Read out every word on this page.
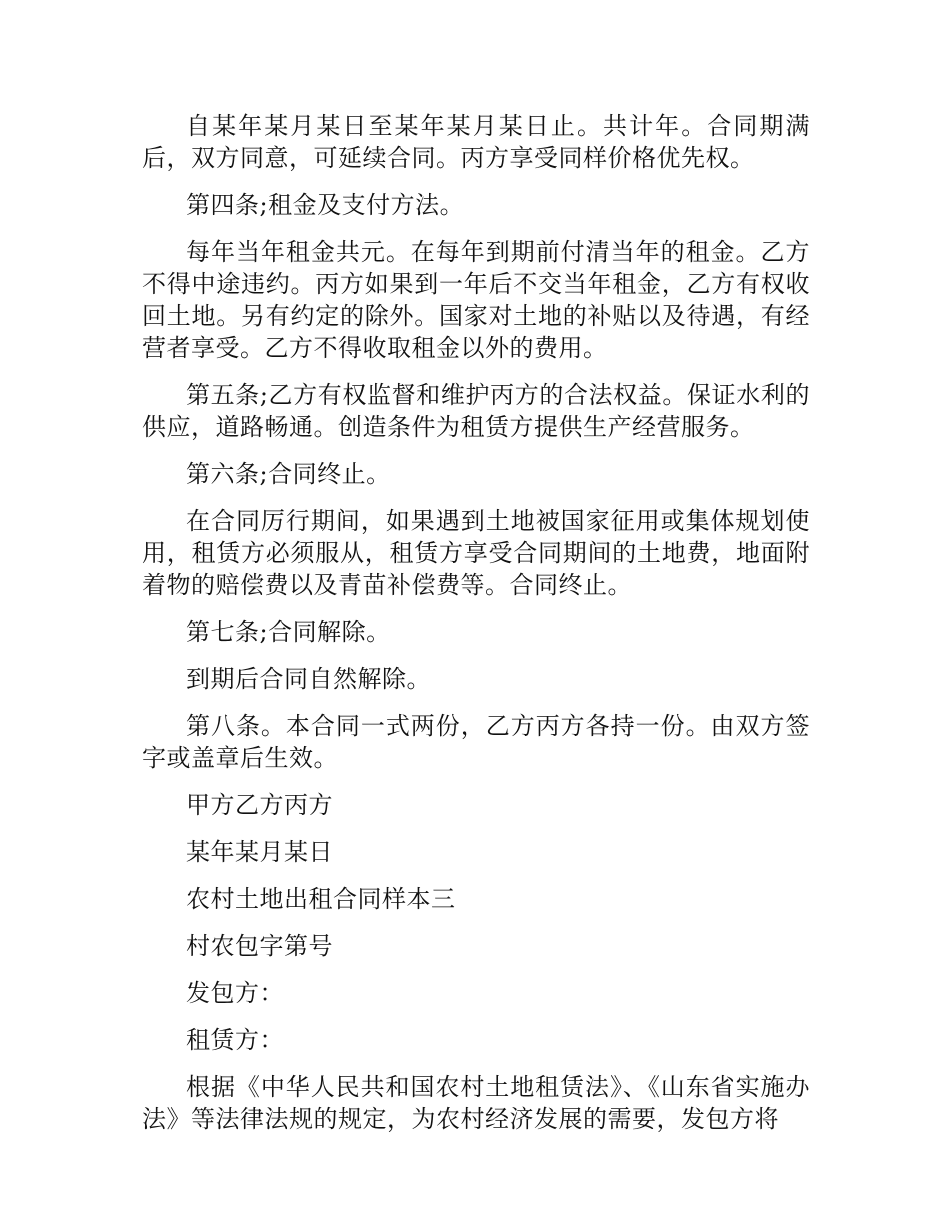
自某年某月某日至某年某月某日止。共计年。合同期满后，双方同意，可延续合同。丙方享受同样价格优先权。

第四条;租金及支付方法。

每年当年租金共元。在每年到期前付清当年的租金。乙方不得中途违约。丙方如果到一年后不交当年租金，乙方有权收回土地。另有约定的除外。国家对土地的补贴以及待遇，有经营者享受。乙方不得收取租金以外的费用。

第五条;乙方有权监督和维护丙方的合法权益。保证水利的供应，道路畅通。创造条件为租赁方提供生产经营服务。

第六条;合同终止。

在合同厉行期间，如果遇到土地被国家征用或集体规划使用，租赁方必须服从，租赁方享受合同期间的土地费，地面附着物的赔偿费以及青苗补偿费等。合同终止。

第七条;合同解除。

到期后合同自然解除。

第八条。本合同一式两份，乙方丙方各持一份。由双方签字或盖章后生效。

甲方乙方丙方

某年某月某日

农村土地出租合同样本三

村农包字第号

发包方：

租赁方：

根据《中华人民共和国农村土地租赁法》、《山东省实施办法》等法律法规的规定，为农村经济发展的需要，发包方将
